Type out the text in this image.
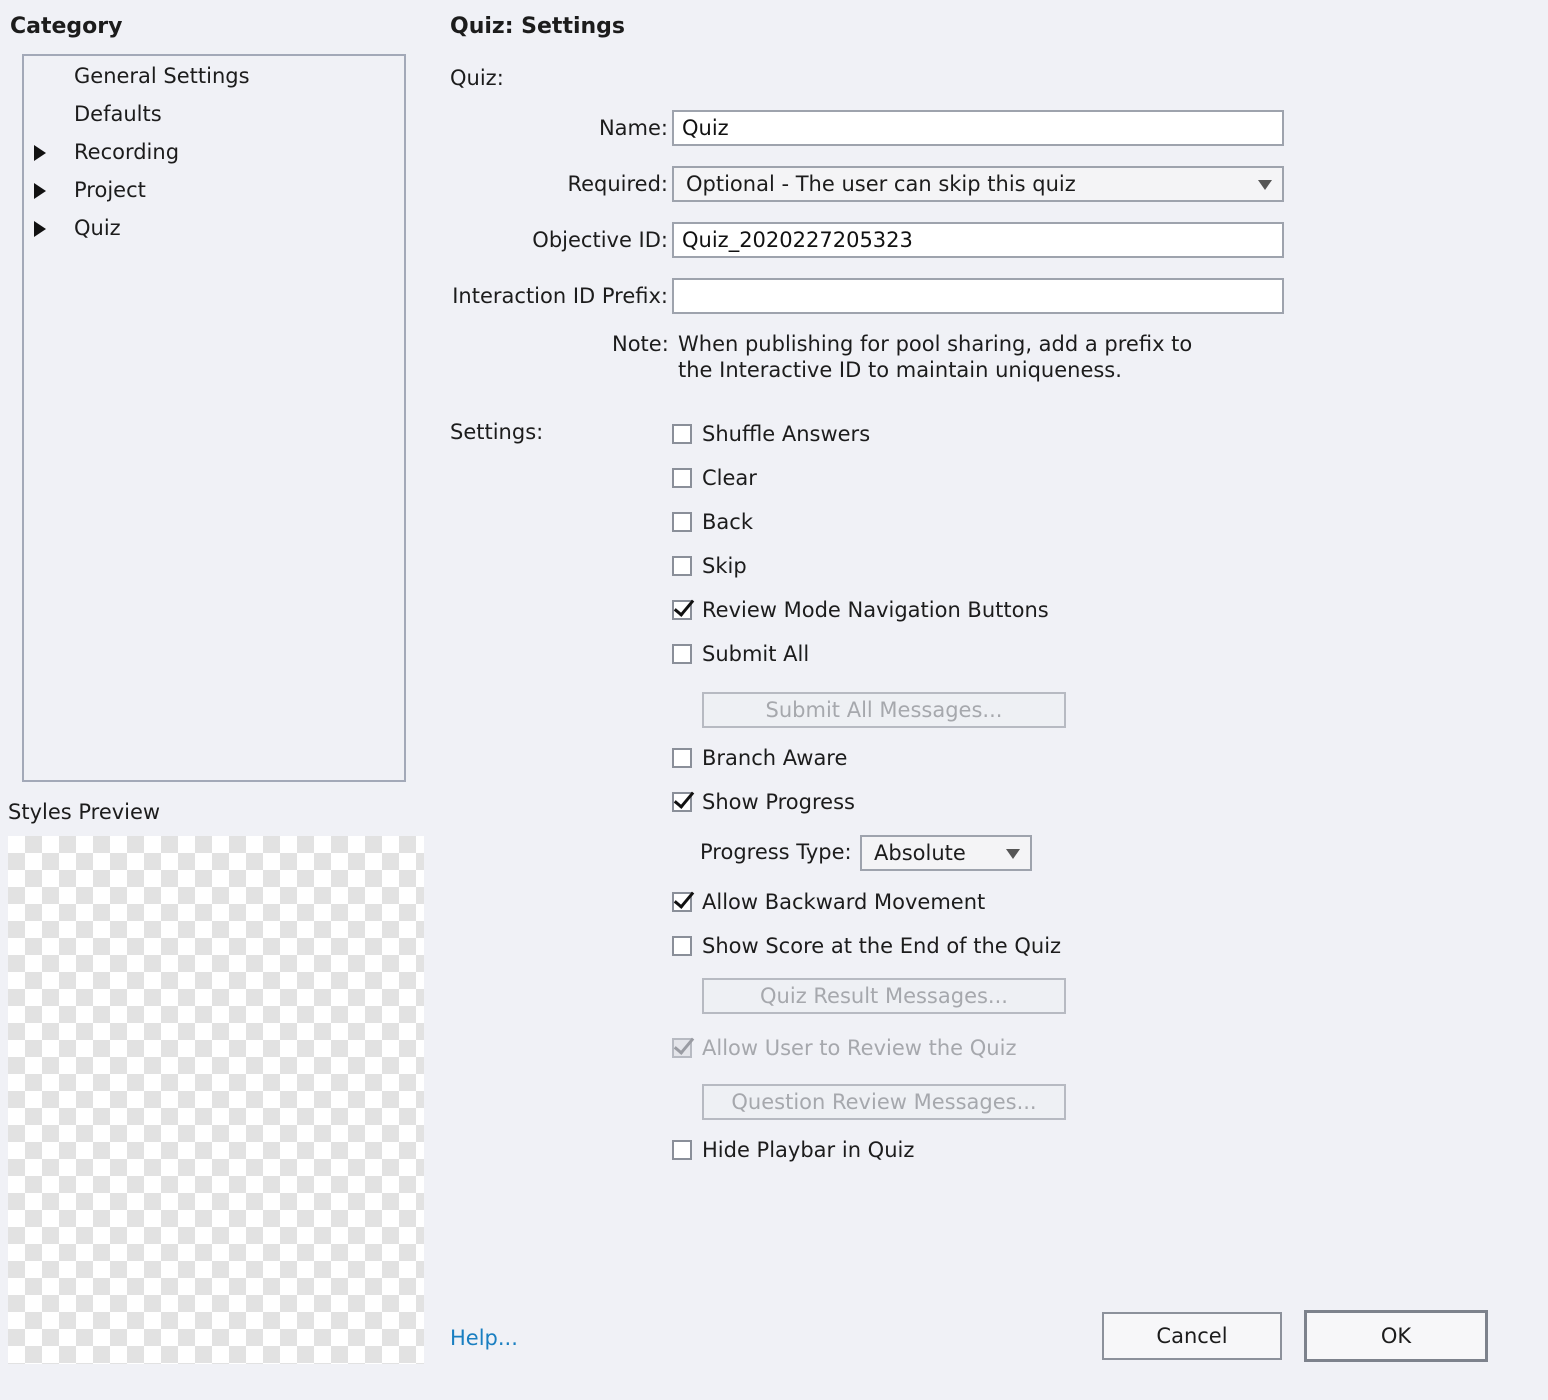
Category
General Settings
Defaults
Recording
Project
Quiz
Styles Preview
Quiz: Settings
Quiz:
Name:
Quiz
Required: Optional - The user can skip this quiz
Objective ID:
Quiz_2020227205323
Interaction ID Prefix:
Note: When publishing for pool sharing, add a prefix to
the Interactive ID to maintain uniqueness.
Settings:	Shuffle Answers
Clear
Back
Skip
Review Mode Navigation Buttons
Submit All
Submit All Messages...
Branch Aware
Show Progress
Progress Type:	Absolute
Allow Backward Movement
Show Score at the End of the Quiz
Quiz Result Messages...
Allow User to Review the Quiz
Question Review Messages...
Hide Playbar in Quiz
Help...	Cancel	OK
